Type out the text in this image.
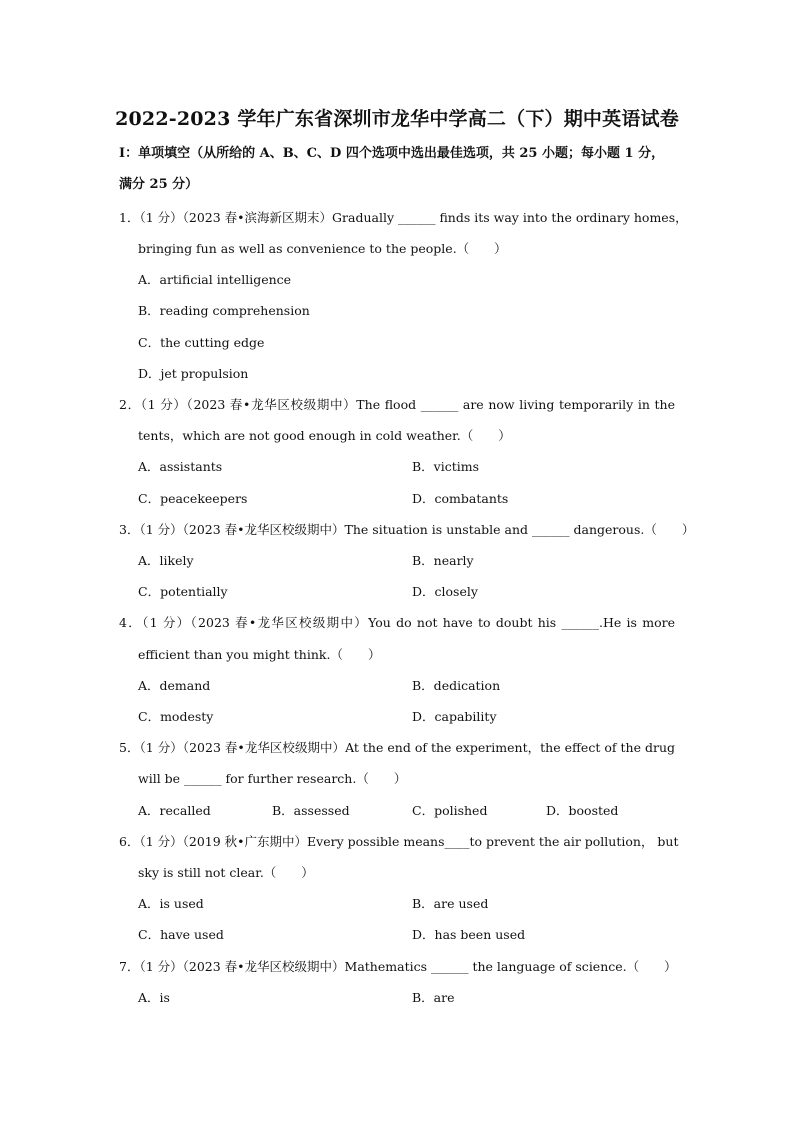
2022-2023 学年广东省深圳市龙华中学高二（下）期中英语试卷
I：单项填空（从所给的 A、B、C、D 四个选项中选出最佳选项，共 25 小题；每小题 1 分，
满分 25 分）
1．（1 分）（2023 春•滨海新区期末）Gradually ______ finds its way into the ordinary homes，
bringing fun as well as convenience to the people.（　　）
A．artificial intelligence
B．reading comprehension
C．the cutting edge
D．jet propulsion
2．（1 分）（2023 春•龙华区校级期中）The flood ______ are now living temporarily in the
tents，which are not good enough in cold weather.（　　）
A．assistants	B．victims
C．peacekeepers	D．combatants
3．（1 分）（2023 春•龙华区校级期中）The situation is unstable and ______ dangerous.（　　）
A．likely	B．nearly
C．potentially	D．closely
4．（1 分）（2023 春•龙华区校级期中）You do not have to doubt his ______.He is more
efficient than you might think.（　　）
A．demand	B．dedication
C．modesty	D．capability
5．（1 分）（2023 春•龙华区校级期中）At the end of the experiment，the effect of the drug
will be ______ for further research.（　　）
A．recalled	B．assessed	C．polished	D．boosted
6．（1 分）（2019 秋•广东期中）Every possible means____to prevent the air pollution， but
sky is still not clear.（　　）
A．is used	B．are used
C．have used	D．has been used
7．（1 分）（2023 春•龙华区校级期中）Mathematics ______ the language of science.（　　）
A．is	B．are
